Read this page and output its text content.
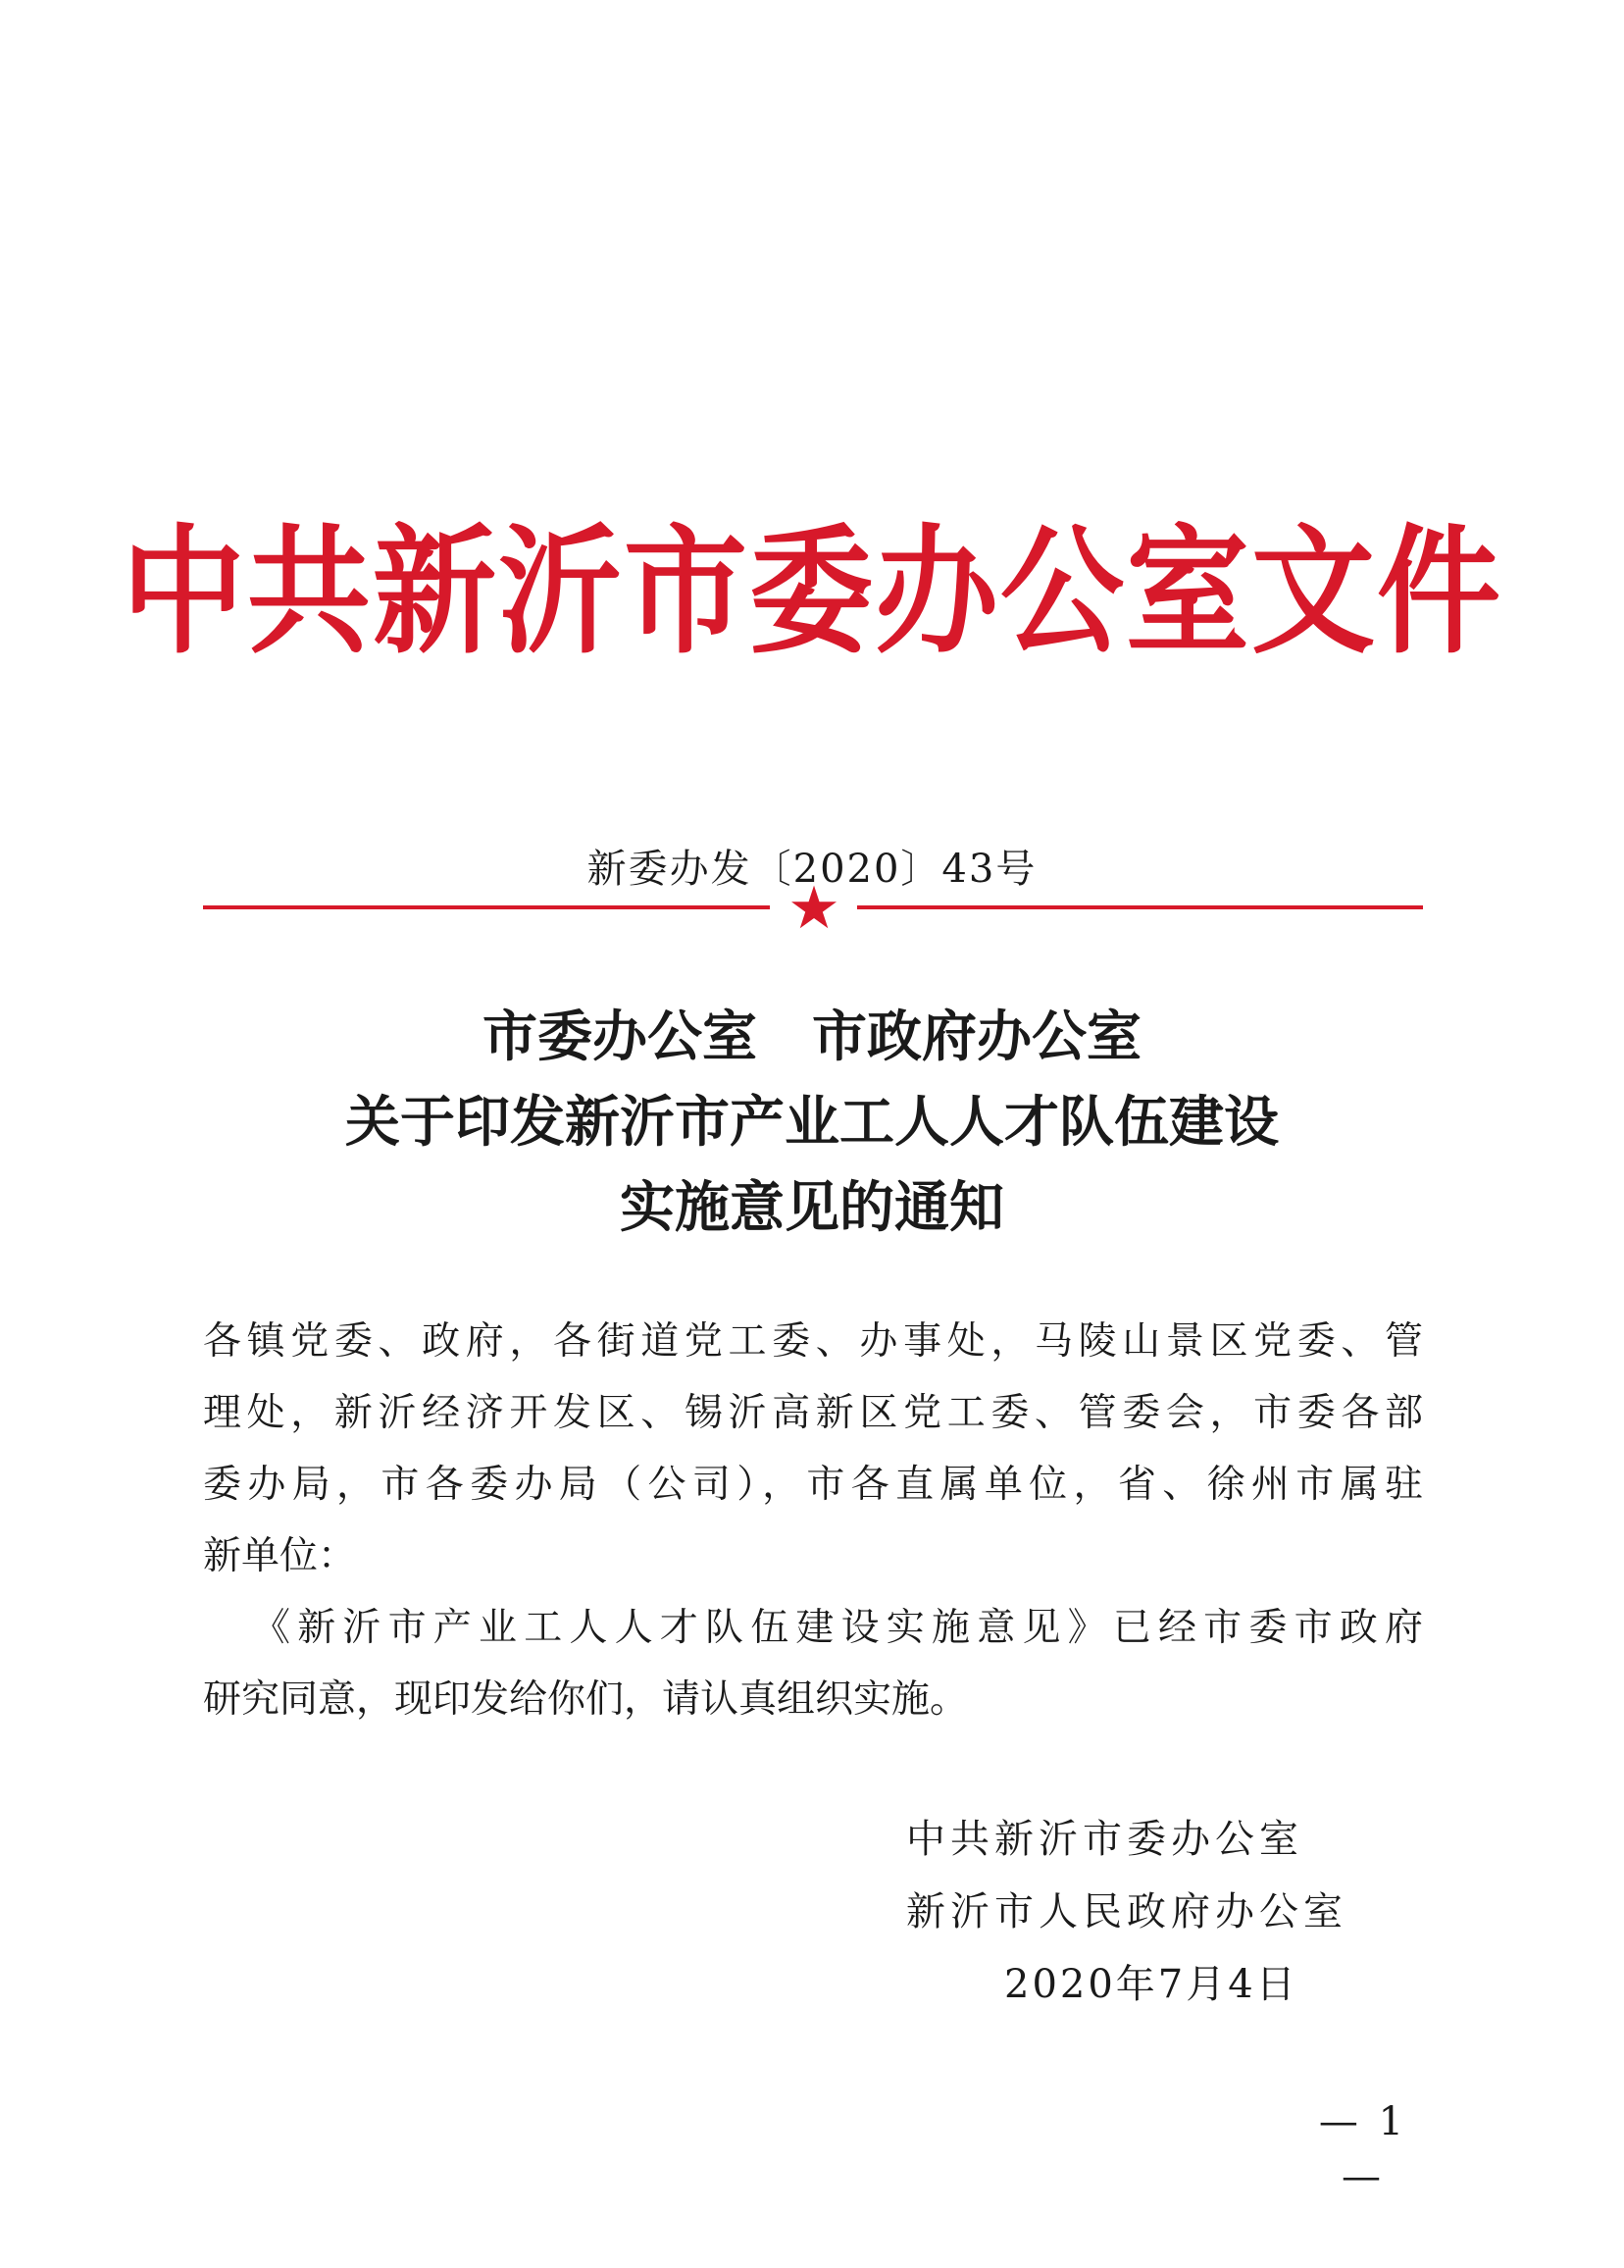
中共新沂市委办公室文件
新委办发〔2020〕43号
★
市委办公室　市政府办公室
关于印发新沂市产业工人人才队伍建设
实施意见的通知
各镇党委、政府，各街道党工委、办事处，马陵山景区党委、管
理处，新沂经济开发区、锡沂高新区党工委、管委会，市委各部
委办局，市各委办局（公司），市各直属单位，省、徐州市属驻
新单位：
《新沂市产业工人人才队伍建设实施意见》已经市委市政府
研究同意，现印发给你们，请认真组织实施。
中共新沂市委办公室
新沂市人民政府办公室
2020年7月4日
— 1 —
